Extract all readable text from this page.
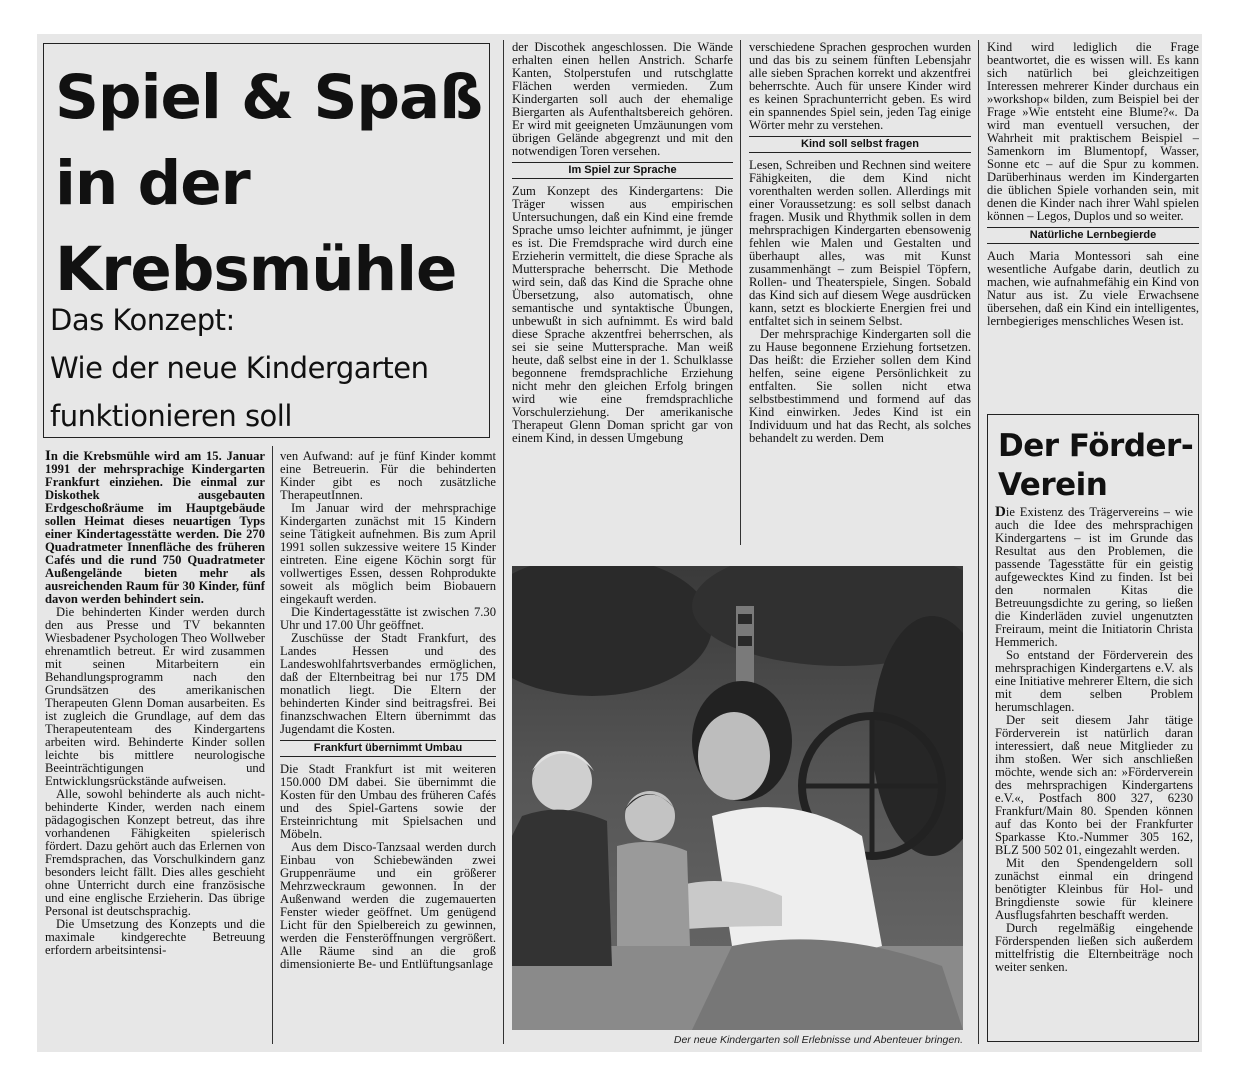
Spiel & Spaß
in der
Krebsmühle
Das Konzept:
Wie der neue Kindergarten
funktionieren soll

In die Krebsmühle wird am 15. Januar 1991 der mehrsprachige Kindergarten Frankfurt einziehen. Die einmal zur Diskothek ausgebauten Erdgeschoßräume im Hauptgebäude sollen Heimat dieses neuartigen Typs einer Kindertagesstätte werden. Die 270 Quadratmeter Innenfläche des früheren Cafés und die rund 750 Quadratmeter Außengelände bieten mehr als ausreichenden Raum für 30 Kinder, fünf davon werden behindert sein.

Die behinderten Kinder werden durch den aus Presse und TV bekannten Wiesbadener Psychologen Theo Wollweber ehrenamtlich betreut. Er wird zusammen mit seinen Mitarbeitern ein Behandlungsprogramm nach den Grundsätzen des amerikanischen Therapeuten Glenn Doman ausarbeiten. Es ist zugleich die Grundlage, auf dem das Therapeutenteam des Kindergartens arbeiten wird. Behinderte Kinder sollen leichte bis mittlere neurologische Beeinträchtigungen und Entwicklungsrückstände aufweisen.

Alle, sowohl behinderte als auch nicht-behinderte Kinder, werden nach einem pädagogischen Konzept betreut, das ihre vorhandenen Fähigkeiten spielerisch fördert. Dazu gehört auch das Erlernen von Fremdsprachen, das Vorschulkindern ganz besonders leicht fällt. Dies alles geschieht ohne Unterricht durch eine französische und eine englische Erzieherin. Das übrige Personal ist deutschsprachig.

Die Umsetzung des Konzepts und die maximale kindgerechte Betreuung erfordern arbeitsintensi-

ven Aufwand: auf je fünf Kinder kommt eine Betreuerin. Für die behinderten Kinder gibt es noch zusätzliche TherapeutInnen.

Im Januar wird der mehrsprachige Kindergarten zunächst mit 15 Kindern seine Tätigkeit aufnehmen. Bis zum April 1991 sollen sukzessive weitere 15 Kinder eintreten. Eine eigene Köchin sorgt für vollwertiges Essen, dessen Rohprodukte soweit als möglich beim Biobauern eingekauft werden.

Die Kindertagesstätte ist zwischen 7.30 Uhr und 17.00 Uhr geöffnet.

Zuschüsse der Stadt Frankfurt, des Landes Hessen und des Landeswohlfahrtsverbandes ermöglichen, daß der Elternbeitrag bei nur 175 DM monatlich liegt. Die Eltern der behinderten Kinder sind beitragsfrei. Bei finanzschwachen Eltern übernimmt das Jugendamt die Kosten.

Frankfurt übernimmt Umbau

Die Stadt Frankfurt ist mit weiteren 150.000 DM dabei. Sie übernimmt die Kosten für den Umbau des früheren Cafés und des Spiel-Gartens sowie der Ersteinrichtung mit Spielsachen und Möbeln.

Aus dem Disco-Tanzsaal werden durch Einbau von Schiebewänden zwei Gruppenräume und ein größerer Mehrzweckraum gewonnen. In der Außenwand werden die zugemauerten Fenster wieder geöffnet. Um genügend Licht für den Spielbereich zu gewinnen, werden die Fensteröffnungen vergrößert. Alle Räume sind an die groß dimensionierte Be- und Entlüftungsanlage

der Discothek angeschlossen. Die Wände erhalten einen hellen Anstrich. Scharfe Kanten, Stolperstufen und rutschglatte Flächen werden vermieden. Zum Kindergarten soll auch der ehemalige Biergarten als Aufenthaltsbereich gehören. Er wird mit geeigneten Umzäunungen vom übrigen Gelände abgegrenzt und mit den notwendigen Toren versehen.

Im Spiel zur Sprache

Zum Konzept des Kindergartens: Die Träger wissen aus empirischen Untersuchungen, daß ein Kind eine fremde Sprache umso leichter aufnimmt, je jünger es ist. Die Fremdsprache wird durch eine Erzieherin vermittelt, die diese Sprache als Muttersprache beherrscht. Die Methode wird sein, daß das Kind die Sprache ohne Übersetzung, also automatisch, ohne semantische und syntaktische Übungen, unbewußt in sich aufnimmt. Es wird bald diese Sprache akzentfrei beherrschen, als sei sie seine Muttersprache. Man weiß heute, daß selbst eine in der 1. Schulklasse begonnene fremdsprachliche Erziehung nicht mehr den gleichen Erfolg bringen wird wie eine fremdsprachliche Vorschulerziehung. Der amerikanische Therapeut Glenn Doman spricht gar von einem Kind, in dessen Umgebung

verschiedene Sprachen gesprochen wurden und das bis zu seinem fünften Lebensjahr alle sieben Sprachen korrekt und akzentfrei beherrschte. Auch für unsere Kinder wird es keinen Sprachunterricht geben. Es wird ein spannendes Spiel sein, jeden Tag einige Wörter mehr zu verstehen.

Kind soll selbst fragen

Lesen, Schreiben und Rechnen sind weitere Fähigkeiten, die dem Kind nicht vorenthalten werden sollen. Allerdings mit einer Voraussetzung: es soll selbst danach fragen. Musik und Rhythmik sollen in dem mehrsprachigen Kindergarten ebensowenig fehlen wie Malen und Gestalten und überhaupt alles, was mit Kunst zusammenhängt – zum Beispiel Töpfern, Rollen- und Theaterspiele, Singen. Sobald das Kind sich auf diesem Wege ausdrücken kann, setzt es blockierte Energien frei und entfaltet sich in seinem Selbst.

Der mehrsprachige Kindergarten soll die zu Hause begonnene Erziehung fortsetzen. Das heißt: die Erzieher sollen dem Kind helfen, seine eigene Persönlichkeit zu entfalten. Sie sollen nicht etwa selbstbestimmend und formend auf das Kind einwirken. Jedes Kind ist ein Individuum und hat das Recht, als solches behandelt zu werden. Dem

Kind wird lediglich die Frage beantwortet, die es wissen will. Es kann sich natürlich bei gleichzeitigen Interessen mehrerer Kinder durchaus ein »workshop« bilden, zum Beispiel bei der Frage »Wie entsteht eine Blume?«. Da wird man eventuell versuchen, der Wahrheit mit praktischem Beispiel – Samenkorn im Blumentopf, Wasser, Sonne etc – auf die Spur zu kommen. Darüberhinaus werden im Kindergarten die üblichen Spiele vorhanden sein, mit denen die Kinder nach ihrer Wahl spielen können – Legos, Duplos und so weiter.

Natürliche Lernbegierde

Auch Maria Montessori sah eine wesentliche Aufgabe darin, deutlich zu machen, wie aufnahmefähig ein Kind von Natur aus ist. Zu viele Erwachsene übersehen, daß ein Kind ein intelligentes, lernbegieriges menschliches Wesen ist.

Der Förder-
Verein

Die Existenz des Trägervereins – wie auch die Idee des mehrsprachigen Kindergartens – ist im Grunde das Resultat aus den Problemen, die passende Tagesstätte für ein geistig aufgewecktes Kind zu finden. Ist bei den normalen Kitas die Betreuungsdichte zu gering, so ließen die Kinderläden zuviel ungenutzten Freiraum, meint die Initiatorin Christa Hemmerich.

So entstand der Förderverein des mehrsprachigen Kindergartens e.V. als eine Initiative mehrerer Eltern, die sich mit dem selben Problem herumschlagen.

Der seit diesem Jahr tätige Förderverein ist natürlich daran interessiert, daß neue Mitglieder zu ihm stoßen. Wer sich anschließen möchte, wende sich an: »Förderverein des mehrsprachigen Kindergartens e.V.«, Postfach 800 327, 6230 Frankfurt/Main 80. Spenden können auf das Konto bei der Frankfurter Sparkasse Kto.-Nummer 305 162, BLZ 500 502 01, eingezahlt werden.

Mit den Spendengeldern soll zunächst einmal ein dringend benötigter Kleinbus für Hol- und Bringdienste sowie für kleinere Ausflugsfahrten beschafft werden.

Durch regelmäßig eingehende Förderspenden ließen sich außerdem mittelfristig die Elternbeiträge noch weiter senken.

Der neue Kindergarten soll Erlebnisse und Abenteuer bringen.
